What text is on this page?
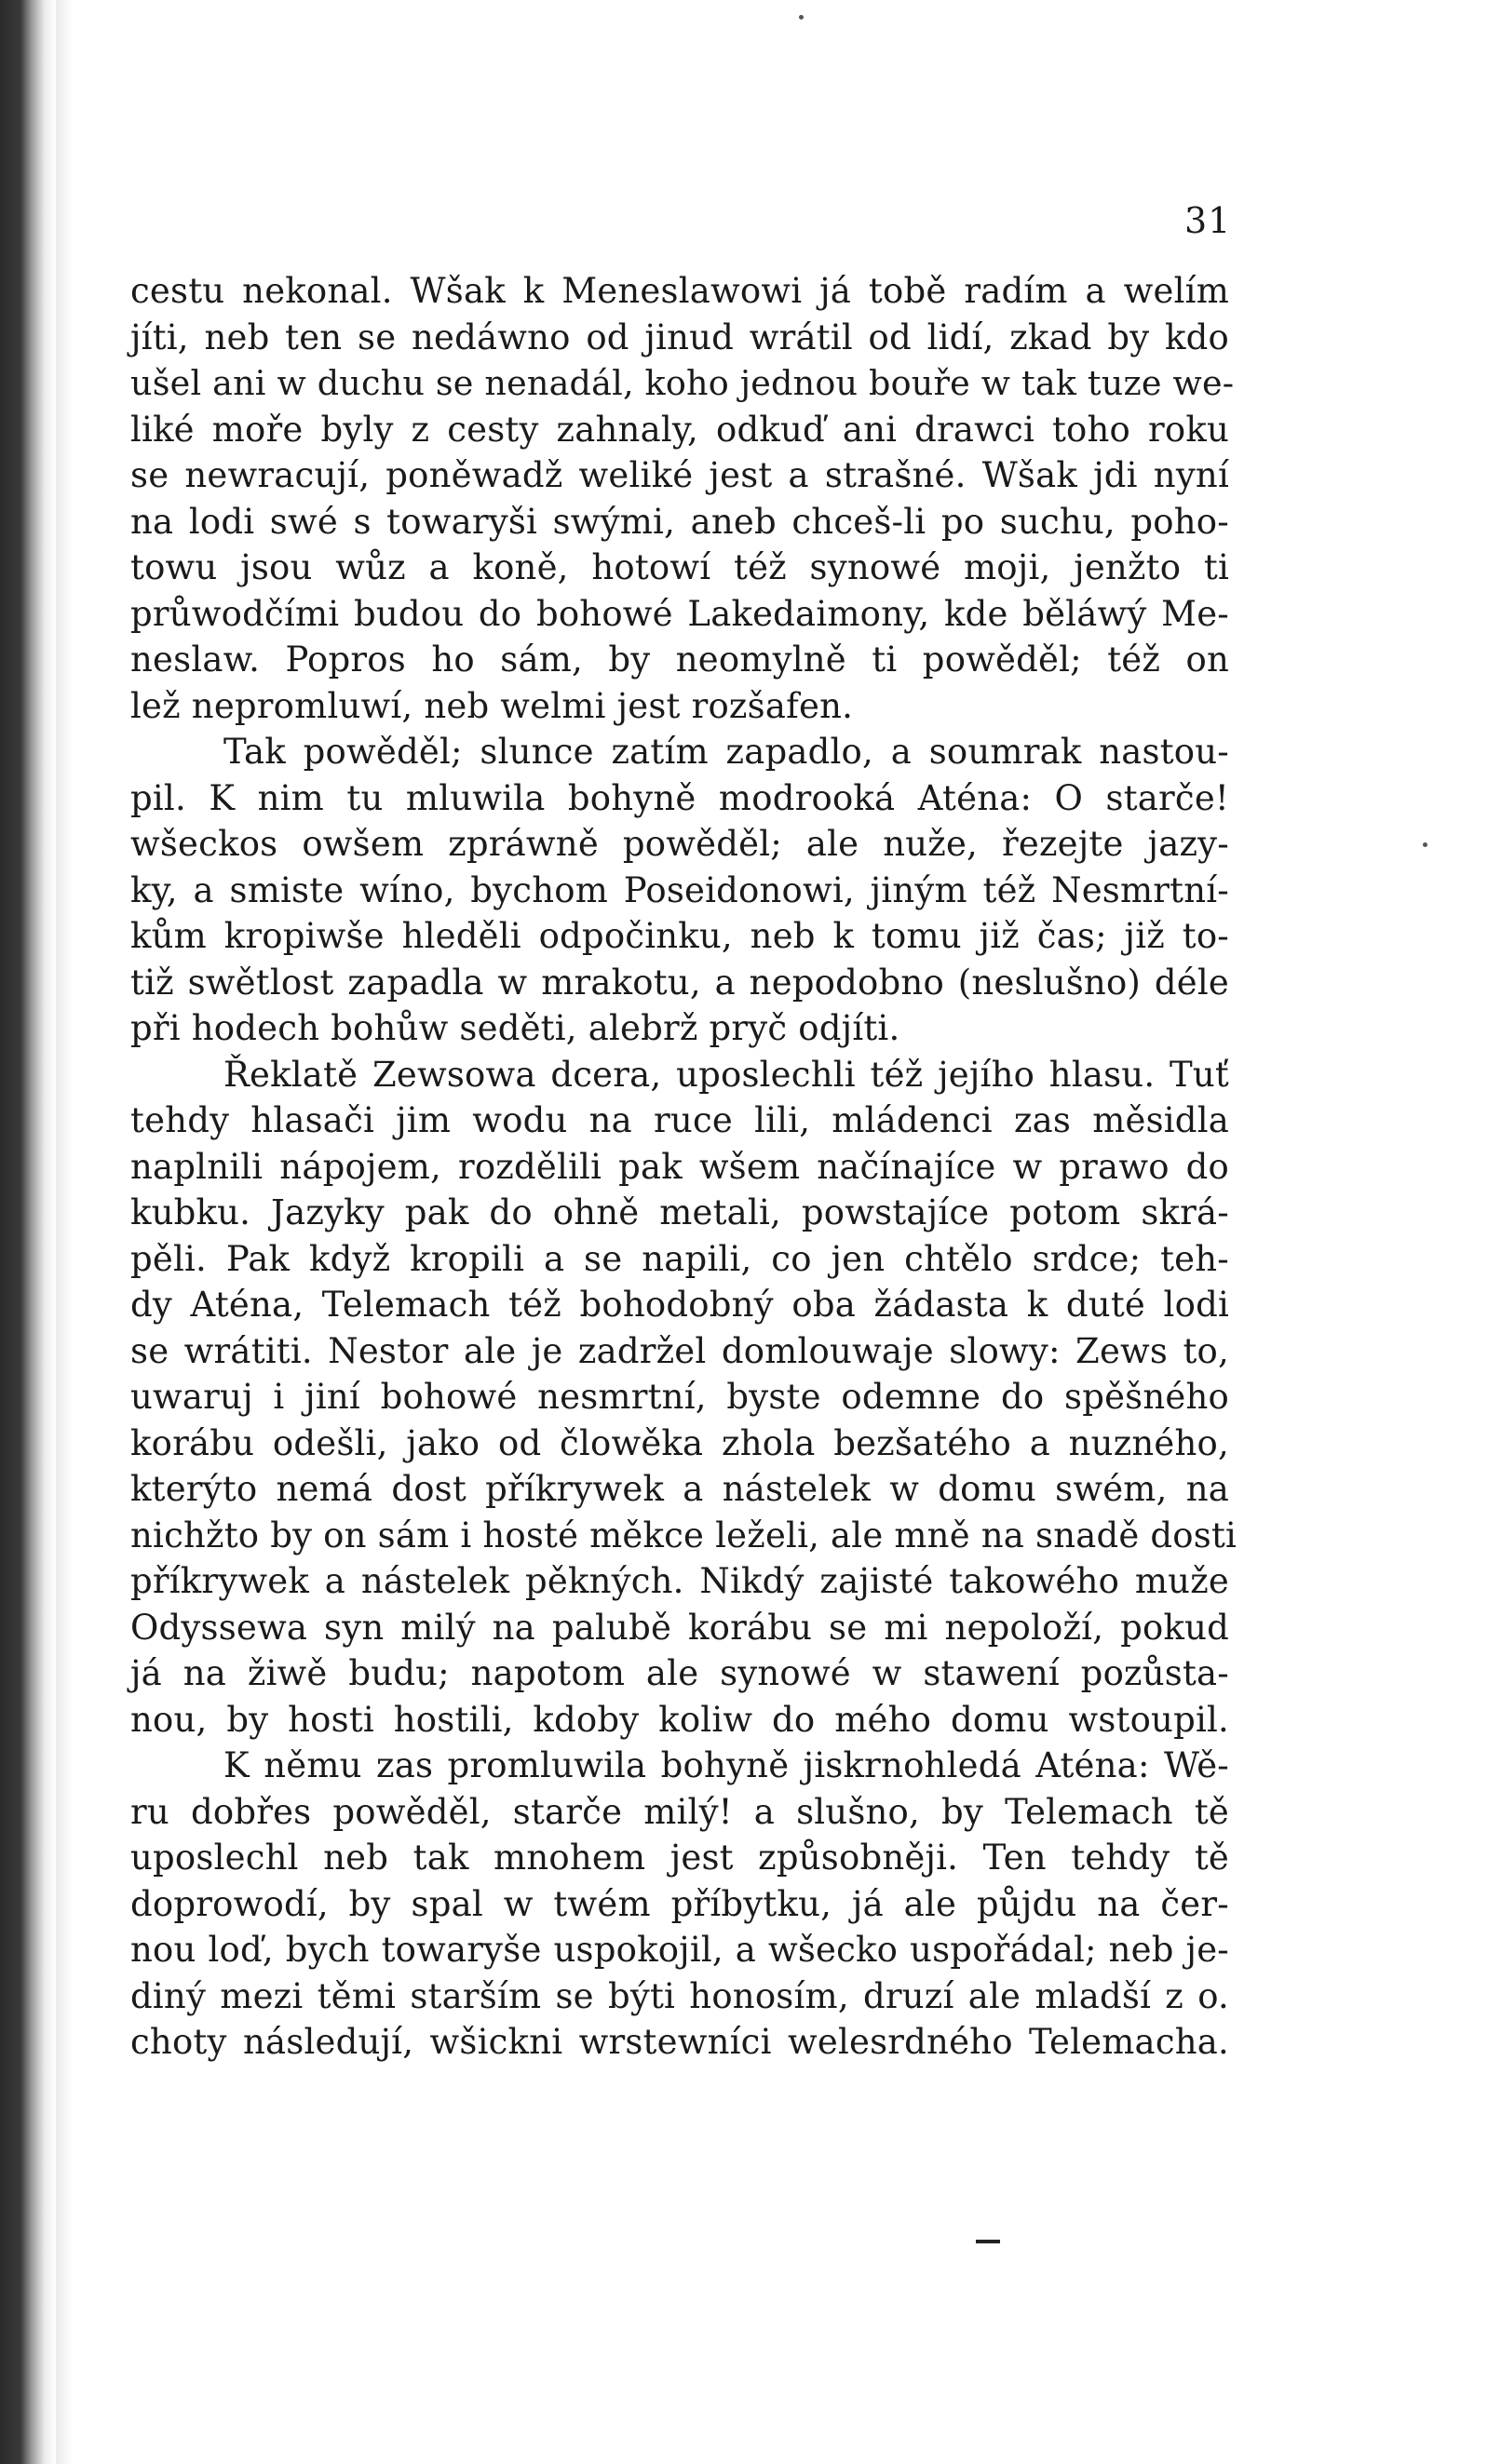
31
cestu nekonal. Wšak k Meneslawowi já tobě radím a welím
jíti, neb ten se nedáwno od jinud wrátil od lidí, zkad by kdo
ušel ani w duchu se nenadál, koho jednou bouře w tak tuze we-
liké moře byly z cesty zahnaly, odkuď ani drawci toho roku
se newracují, poněwadž weliké jest a strašné. Wšak jdi nyní
na lodi swé s towaryši swými, aneb chceš-li po suchu, poho-
towu jsou wůz a koně, hotowí též synowé moji, jenžto ti
průwodčími budou do bohowé Lakedaimony, kde běláwý Me-
neslaw. Popros ho sám, by neomylně ti powěděl; též on
lež nepromluwí, neb welmi jest rozšafen.
Tak powěděl; slunce zatím zapadlo, a soumrak nastou-
pil. K nim tu mluwila bohyně modrooká Aténa: O starče!
wšeckos owšem zpráwně powěděl; ale nuže, řezejte jazy-
ky, a smiste wíno, bychom Poseidonowi, jiným též Nesmrtní-
kům kropiwše hleděli odpočinku, neb k tomu již čas; již to-
tiž swětlost zapadla w mrakotu, a nepodobno (neslušno) déle
při hodech bohůw seděti, alebrž pryč odjíti.
Řeklatě Zewsowa dcera, uposlechli též jejího hlasu. Tuť
tehdy hlasači jim wodu na ruce lili, mládenci zas měsidla
naplnili nápojem, rozdělili pak wšem načínajíce w prawo do
kubku. Jazyky pak do ohně metali, powstajíce potom skrá-
pěli. Pak když kropili a se napili, co jen chtělo srdce; teh-
dy Aténa, Telemach též bohodobný oba žádasta k duté lodi
se wrátiti. Nestor ale je zadržel domlouwaje slowy: Zews to,
uwaruj i jiní bohowé nesmrtní, byste odemne do spěšného
korábu odešli, jako od člowěka zhola bezšatého a nuzného,
kterýto nemá dost příkrywek a nástelek w domu swém, na
nichžto by on sám i hosté měkce leželi, ale mně na snadě dosti
příkrywek a nástelek pěkných. Nikdý zajisté takowého muže
Odyssewa syn milý na palubě korábu se mi nepoloží, pokud
já na žiwě budu; napotom ale synowé w stawení pozůsta-
nou, by hosti hostili, kdoby koliw do mého domu wstoupil.
K němu zas promluwila bohyně jiskrnohledá Aténa: Wě-
ru dobřes powěděl, starče milý! a slušno, by Telemach tě
uposlechl neb tak mnohem jest způsobněji. Ten tehdy tě
doprowodí, by spal w twém příbytku, já ale půjdu na čer-
nou loď, bych towaryše uspokojil, a wšecko uspořádal; neb je-
diný mezi těmi starším se býti honosím, druzí ale mladší z o.
choty následují, wšickni wrstewníci welesrdného Telemacha.
